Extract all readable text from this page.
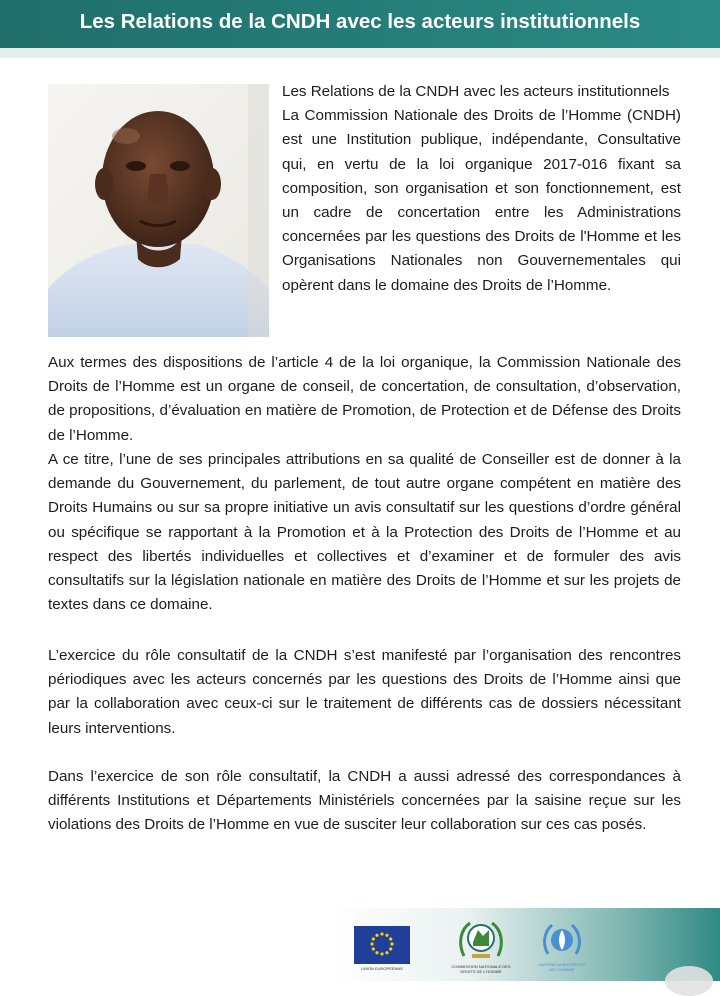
Les Relations de la CNDH avec les acteurs institutionnels

Les Relations de la CNDH avec les acteurs institutionnels

La Commission Nationale des Droits de l’Homme (CNDH) est une Institution publique, indépendante, Consultative qui, en vertu de la loi organique 2017-016 fixant sa composition, son organisation et son fonctionnement, est un cadre de concertation entre les Administrations concernées par les questions des Droits de l'Homme et les Organisations Nationales non Gouvernementales qui opèrent dans le domaine des Droits de l’Homme.

Aux termes des dispositions de l’article 4 de la loi organique, la Commission Nationale des Droits de l’Homme est un organe de conseil, de concertation, de consultation, d’observation, de propositions, d’évaluation en matière de Promotion, de Protection et de Défense des Droits de l’Homme.

A ce titre, l’une de ses principales attributions en sa qualité de Conseiller est de donner à la demande du Gouvernement, du parlement, de tout autre organe compétent en matière des Droits Humains ou sur sa propre initiative un avis consultatif sur les questions d’ordre général ou spécifique se rapportant à la Promotion et à la Protection des Droits de l’Homme et au respect des libertés individuelles et collectives et d’examiner et de formuler des avis consultatifs sur la législation nationale en matière des Droits de l’Homme et sur les projets de textes dans ce domaine.

L’exercice du rôle consultatif de la CNDH s’est manifesté par l’organisation des rencontres périodiques avec les acteurs concernés par les questions des Droits de l’Homme ainsi que par la collaboration avec ceux-ci sur le traitement de différents cas de dossiers nécessitant leurs interventions.

Dans l’exercice de son rôle consultatif, la CNDH a aussi adressé des correspondances à différents Institutions et Départements Ministériels concernées par la saisine reçue sur les violations des Droits de l’Homme en vue de susciter leur collaboration sur ces cas posés.

UNION EUROPÉENNE	COMMISSION NATIONALE DES DROITS DE L'HOMME
NATIONS UNIES DROITS DE L'HOMME
